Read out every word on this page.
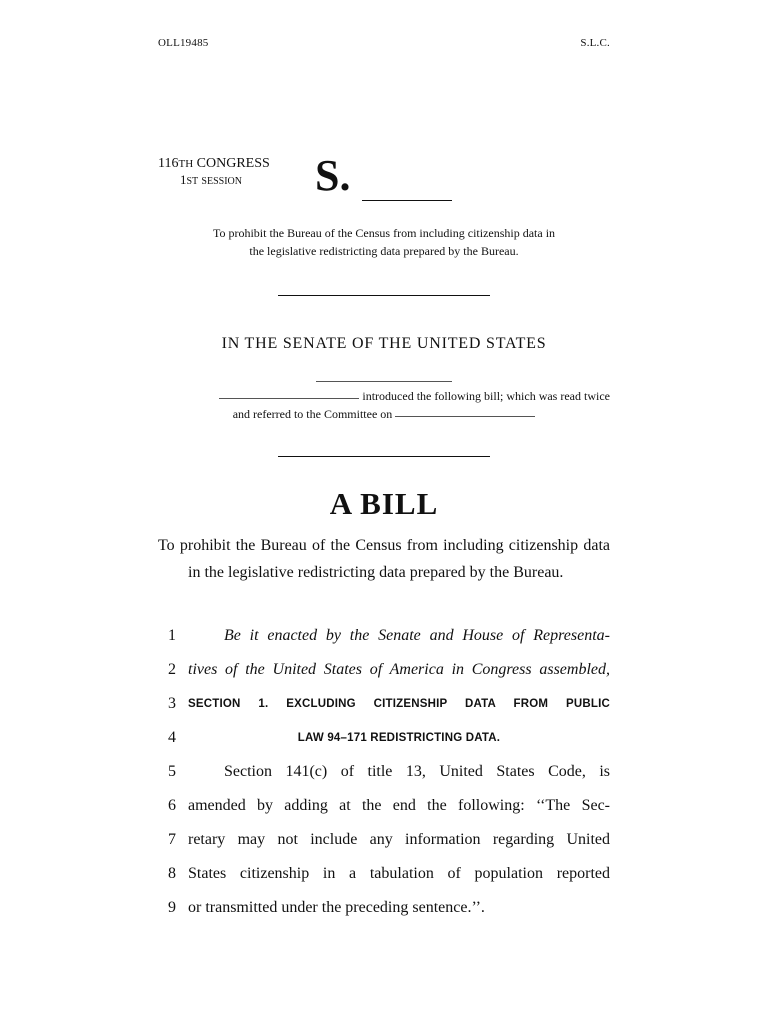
OLL19485	S.L.C.
116TH CONGRESS
1ST SESSION S.
To prohibit the Bureau of the Census from including citizenship data in
the legislative redistricting data prepared by the Bureau.
IN THE SENATE OF THE UNITED STATES
introduced the following bill; which was read twice
and referred to the Committee on
A BILL

To prohibit the Bureau of the Census from including citizenship data in the legislative redistricting data prepared by the Bureau.

1	Be it enacted by the Senate and House of Representa-
2 tives of the United States of America in Congress assembled,
3 SECTION 1. EXCLUDING CITIZENSHIP DATA FROM PUBLIC
4	LAW 94–171 REDISTRICTING DATA.
5	Section 141(c) of title 13, United States Code, is
6 amended by adding at the end the following: ‘‘The Sec-
7 retary may not include any information regarding United
8 States citizenship in a tabulation of population reported
9 or transmitted under the preceding sentence.’’.
